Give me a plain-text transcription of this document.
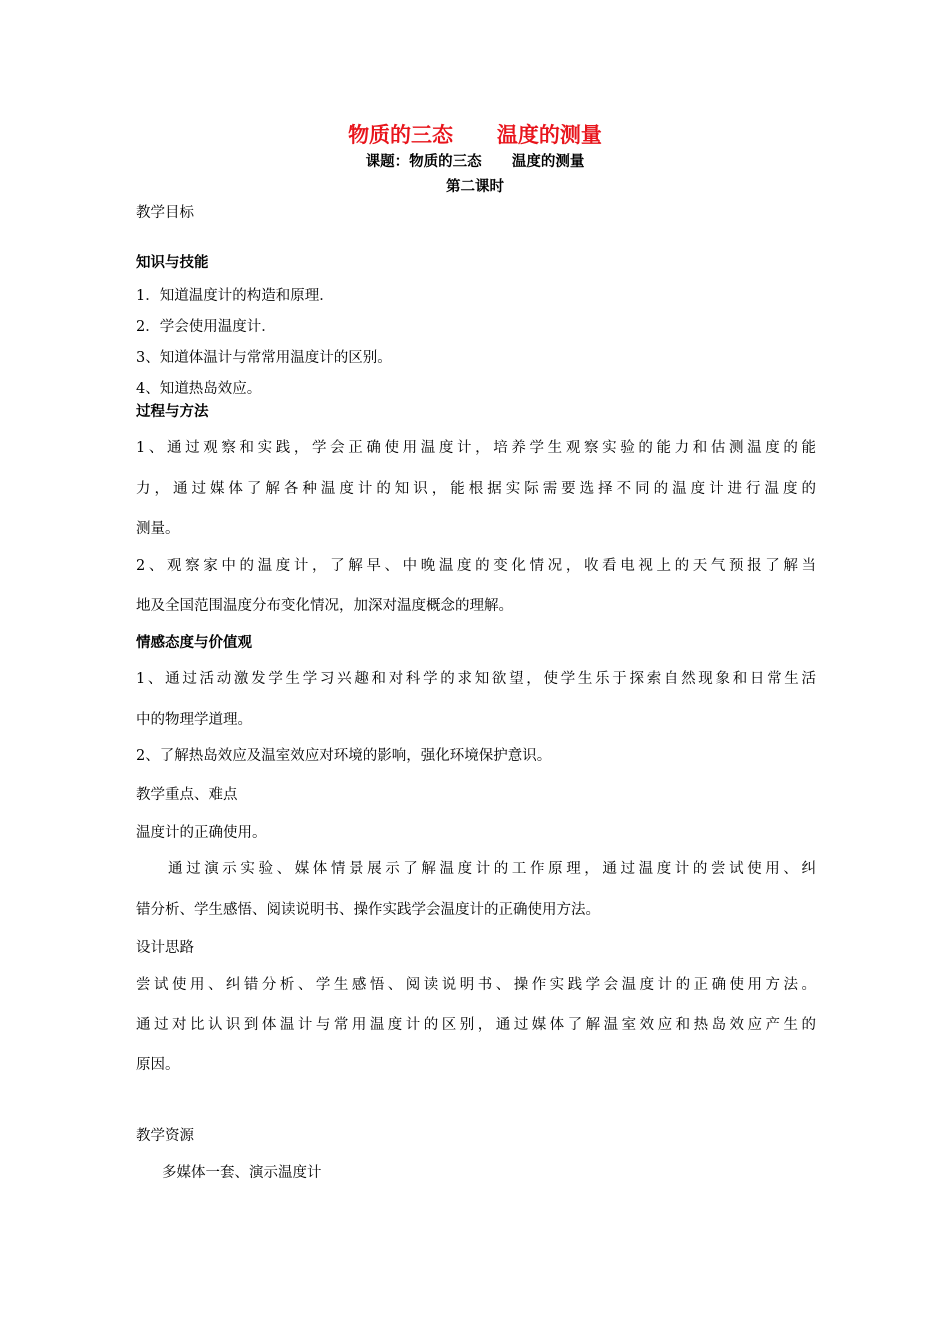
物质的三态      温度的测量
课题：物质的三态      温度的测量
第二课时
教学目标
知识与技能
1．知道温度计的构造和原理．
2．学会使用温度计．
3、知道体温计与常常用温度计的区别。
4、知道热岛效应。
过程与方法
1、通过观察和实践，学会正确使用温度计，培养学生观察实验的能力和估测温度的能
力，通过媒体了解各种温度计的知识，能根据实际需要选择不同的温度计进行温度的
测量。
2、观察家中的温度计，了解早、中晚温度的变化情况，收看电视上的天气预报了解当
地及全国范围温度分布变化情况，加深对温度概念的理解。
情感态度与价值观
1、通过活动激发学生学习兴趣和对科学的求知欲望，使学生乐于探索自然现象和日常生活
中的物理学道理。
2、了解热岛效应及温室效应对环境的影响，强化环境保护意识。
教学重点、难点
温度计的正确使用。
通过演示实验、媒体情景展示了解温度计的工作原理，通过温度计的尝试使用、纠
错分析、学生感悟、阅读说明书、操作实践学会温度计的正确使用方法。
设计思路
尝试使用、纠错分析、学生感悟、阅读说明书、操作实践学会温度计的正确使用方法。
通过对比认识到体温计与常用温度计的区别，通过媒体了解温室效应和热岛效应产生的
原因。
教学资源
多媒体一套、演示温度计
